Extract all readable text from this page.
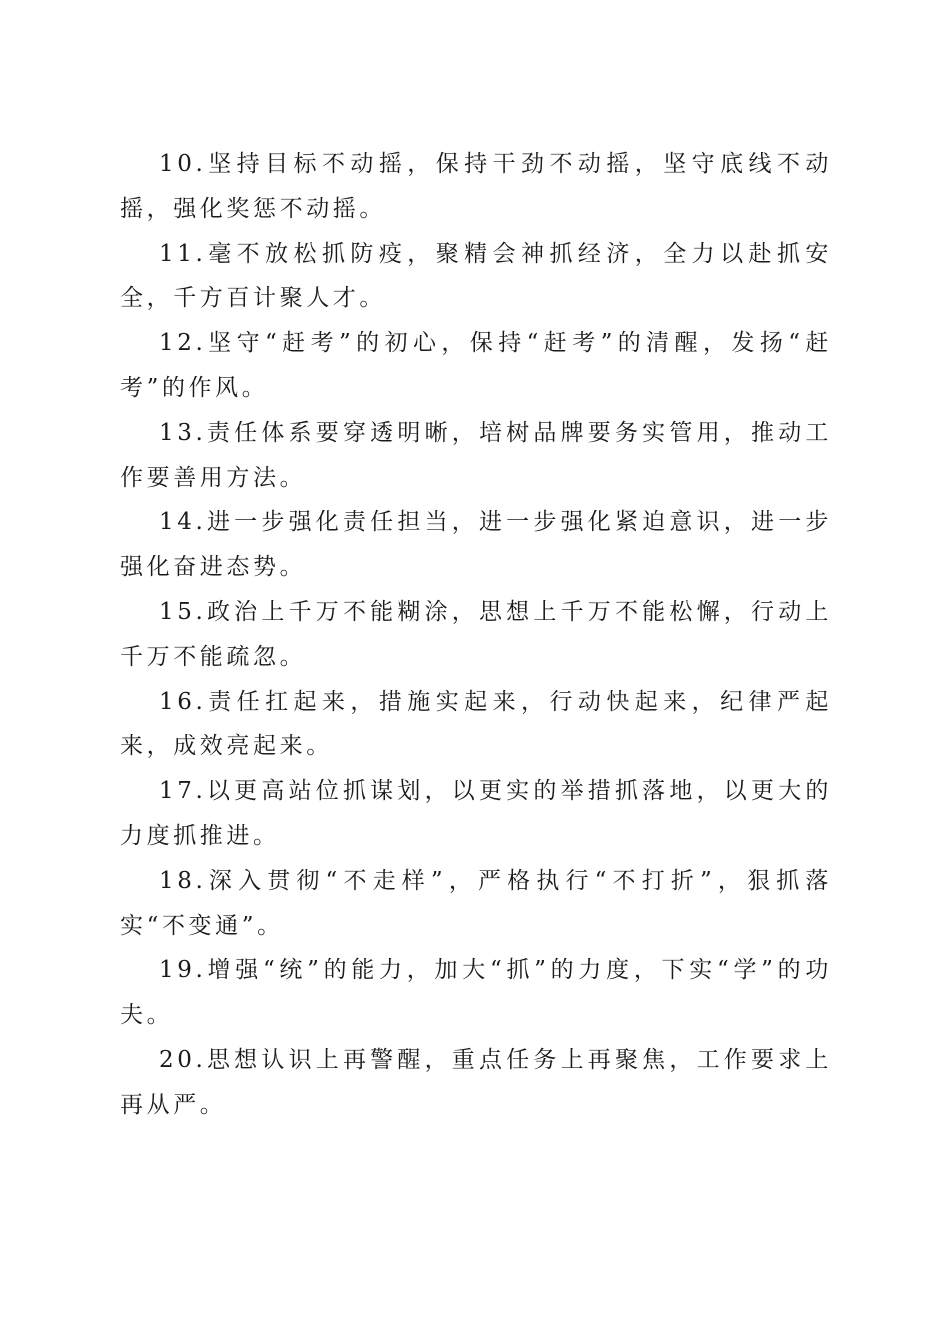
10.坚持目标不动摇，保持干劲不动摇，坚守底线不动摇，强化奖惩不动摇。

11.毫不放松抓防疫，聚精会神抓经济，全力以赴抓安全，千方百计聚人才。

12.坚守“赶考”的初心，保持“赶考”的清醒，发扬“赶考”的作风。

13.责任体系要穿透明晰，培树品牌要务实管用，推动工作要善用方法。

14.进一步强化责任担当，进一步强化紧迫意识，进一步强化奋进态势。

15.政治上千万不能糊涂，思想上千万不能松懈，行动上千万不能疏忽。

16.责任扛起来，措施实起来，行动快起来，纪律严起来，成效亮起来。

17.以更高站位抓谋划，以更实的举措抓落地，以更大的力度抓推进。

18.深入贯彻“不走样”，严格执行“不打折”，狠抓落实“不变通”。

19.增强“统”的能力，加大“抓”的力度，下实“学”的功夫。

20.思想认识上再警醒，重点任务上再聚焦，工作要求上再从严。
